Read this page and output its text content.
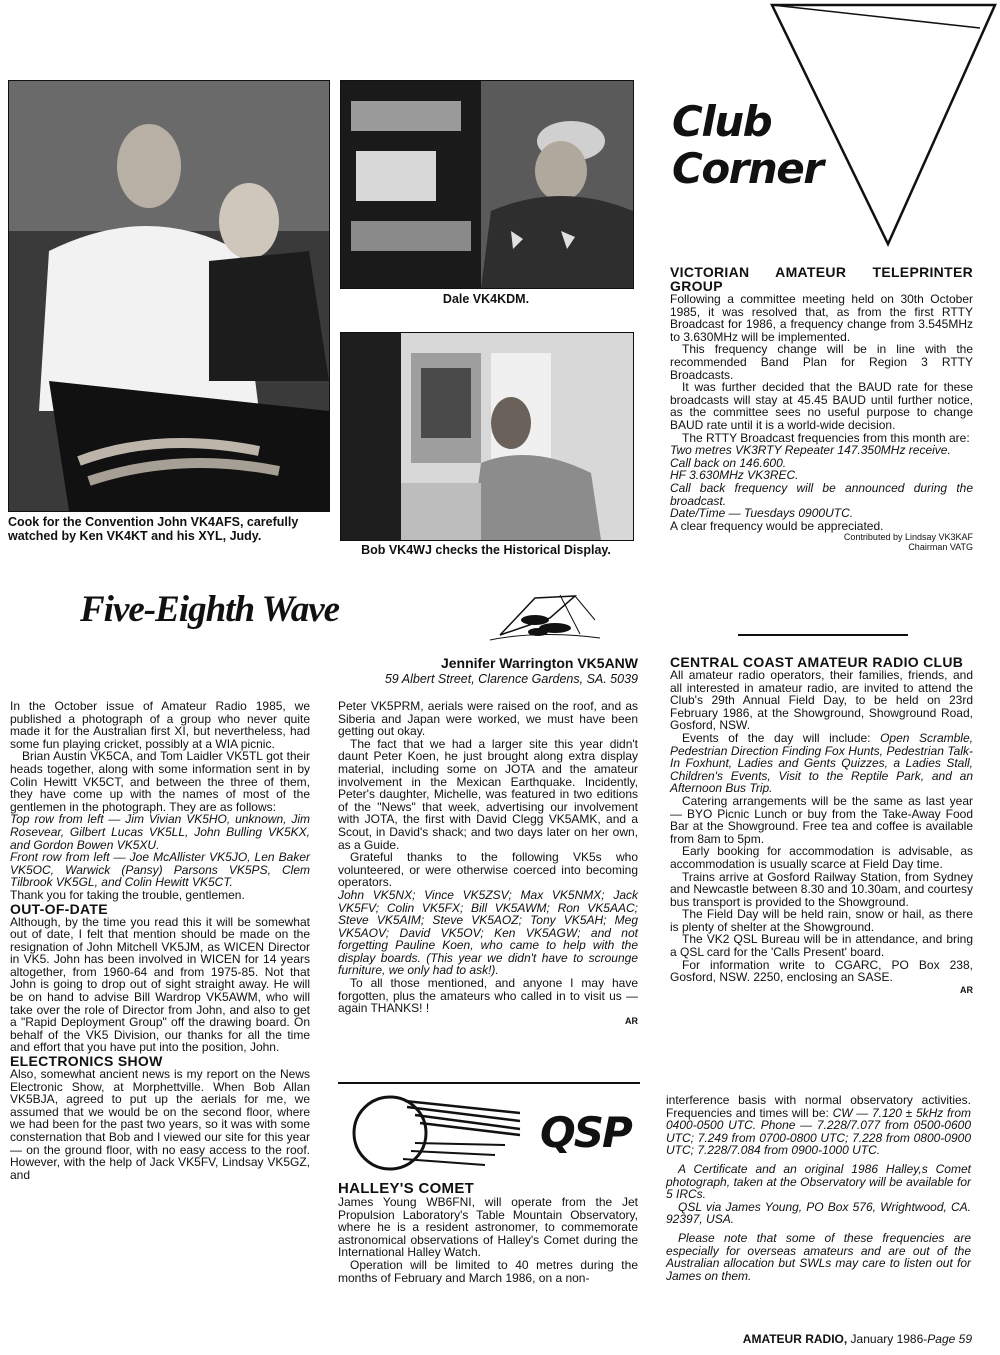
Cook for the Convention John VK4AFS, carefully watched by Ken VK4KT and his XYL, Judy.
Dale VK4KDM.
Bob VK4WJ checks the Historical Display.
Club
Corner

VICTORIAN AMATEUR TELEPRINTER GROUP

Following a committee meeting held on 30th October 1985, it was resolved that, as from the first RTTY Broadcast for 1986, a frequency change from 3.545MHz to 3.630MHz will be implemented.

This frequency change will be in line with the recommended Band Plan for Region 3 RTTY Broadcasts.

It was further decided that the BAUD rate for these broadcasts will stay at 45.45 BAUD until further notice, as the committee sees no useful purpose to change BAUD rate until it is a world-wide decision.

The RTTY Broadcast frequencies from this month are:

Two metres VK3RTY Repeater 147.350MHz receive.

Call back on 146.600.

HF 3.630MHz VK3REC.

Call back frequency will be announced during the broadcast.

Date/Time — Tuesdays 0900UTC.

A clear frequency would be appreciated.

Contributed by Lindsay VK3KAF
Chairman VATG

CENTRAL COAST AMATEUR RADIO CLUB

All amateur radio operators, their families, friends, and all interested in amateur radio, are invited to attend the Club's 29th Annual Field Day, to be held on 23rd February 1986, at the Showground, Showground Road, Gosford, NSW.

Events of the day will include: Open Scramble, Pedestrian Direction Finding Fox Hunts, Pedestrian Talk-In Foxhunt, Ladies and Gents Quizzes, a Ladies Stall, Children's Events, Visit to the Reptile Park, and an Afternoon Bus Trip.

Catering arrangements will be the same as last year — BYO Picnic Lunch or buy from the Take-Away Food Bar at the Showground. Free tea and coffee is available from 8am to 5pm.

Early booking for accommodation is advisable, as accommodation is usually scarce at Field Day time.

Trains arrive at Gosford Railway Station, from Sydney and Newcastle between 8.30 and 10.30am, and courtesy bus transport is provided to the Showground.

The Field Day will be held rain, snow or hail, as there is plenty of shelter at the Showground.

The VK2 QSL Bureau will be in attendance, and bring a QSL card for the 'Calls Present' board.

For information write to CGARC, PO Box 238, Gosford, NSW. 2250, enclosing an SASE.

AR
Five-Eighth Wave
Jennifer Warrington VK5ANW
59 Albert Street, Clarence Gardens, SA. 5039

In the October issue of Amateur Radio 1985, we published a photograph of a group who never quite made it for the Australian first XI, but nevertheless, had some fun playing cricket, possibly at a WIA picnic.

Brian Austin VK5CA, and Tom Laidler VK5TL got their heads together, along with some information sent in by Colin Hewitt VK5CT, and between the three of them, they have come up with the names of most of the gentlemen in the photograph. They are as follows:

Top row from left — Jim Vivian VK5HO, unknown, Jim Rosevear, Gilbert Lucas VK5LL, John Bulling VK5KX, and Gordon Bowen VK5XU.

Front row from left — Joe McAllister VK5JO, Len Baker VK5OC, Warwick (Pansy) Parsons VK5PS, Clem Tilbrook VK5GL, and Colin Hewitt VK5CT.

Thank you for taking the trouble, gentlemen.

OUT-OF-DATE

Although, by the time you read this it will be somewhat out of date, I felt that mention should be made on the resignation of John Mitchell VK5JM, as WICEN Director in VK5. John has been involved in WICEN for 14 years altogether, from 1960-64 and from 1975-85. Not that John is going to drop out of sight straight away. He will be on hand to advise Bill Wardrop VK5AWM, who will take over the role of Director from John, and also to get a "Rapid Deployment Group" off the drawing board. On behalf of the VK5 Division, our thanks for all the time and effort that you have put into the position, John.

ELECTRONICS SHOW

Also, somewhat ancient news is my report on the News Electronic Show, at Morphettville. When Bob Allan VK5BJA, agreed to put up the aerials for me, we assumed that we would be on the second floor, where we had been for the past two years, so it was with some consternation that Bob and I viewed our site for this year — on the ground floor, with no easy access to the roof. However, with the help of Jack VK5FV, Lindsay VK5GZ, and

Peter VK5PRM, aerials were raised on the roof, and as Siberia and Japan were worked, we must have been getting out okay.

The fact that we had a larger site this year didn't daunt Peter Koen, he just brought along extra display material, including some on JOTA and the amateur involvement in the Mexican Earthquake. Incidently, Peter's daughter, Michelle, was featured in two editions of the "News" that week, advertising our involvement with JOTA, the first with David Clegg VK5AMK, and a Scout, in David's shack; and two days later on her own, as a Guide.

Grateful thanks to the following VK5s who volunteered, or were otherwise coerced into becoming operators.

John VK5NX; Vince VK5ZSV; Max VK5NMX; Jack VK5FV; Colin VK5FX; Bill VK5AWM; Ron VK5AAC; Steve VK5AIM; Steve VK5AOZ; Tony VK5AH; Meg VK5AOV; David VK5OV; Ken VK5AGW; and not forgetting Pauline Koen, who came to help with the display boards. (This year we didn't have to scrounge furniture, we only had to ask!).

To all those mentioned, and anyone I may have forgotten, plus the amateurs who called in to visit us — again THANKS! !

AR
QSP

HALLEY'S COMET

James Young WB6FNI, will operate from the Jet Propulsion Laboratory's Table Mountain Observatory, where he is a resident astronomer, to commemorate astronomical observations of Halley's Comet during the International Halley Watch.

Operation will be limited to 40 metres during the months of February and March 1986, on a non-

interference basis with normal observatory activities. Frequencies and times will be: CW — 7.120 ± 5kHz from 0400-0500 UTC. Phone — 7.228/7.077 from 0500-0600 UTC; 7.249 from 0700-0800 UTC; 7.228 from 0800-0900 UTC; 7.228/7.084 from 0900-1000 UTC.

A Certificate and an original 1986 Halley,s Comet photograph, taken at the Observatory will be available for 5 IRCs.

QSL via James Young, PO Box 576, Wrightwood, CA. 92397, USA.

Please note that some of these frequencies are especially for overseas amateurs and are out of the Australian allocation but SWLs may care to listen out for James on them.

AMATEUR RADIO, January 1986-Page 59
